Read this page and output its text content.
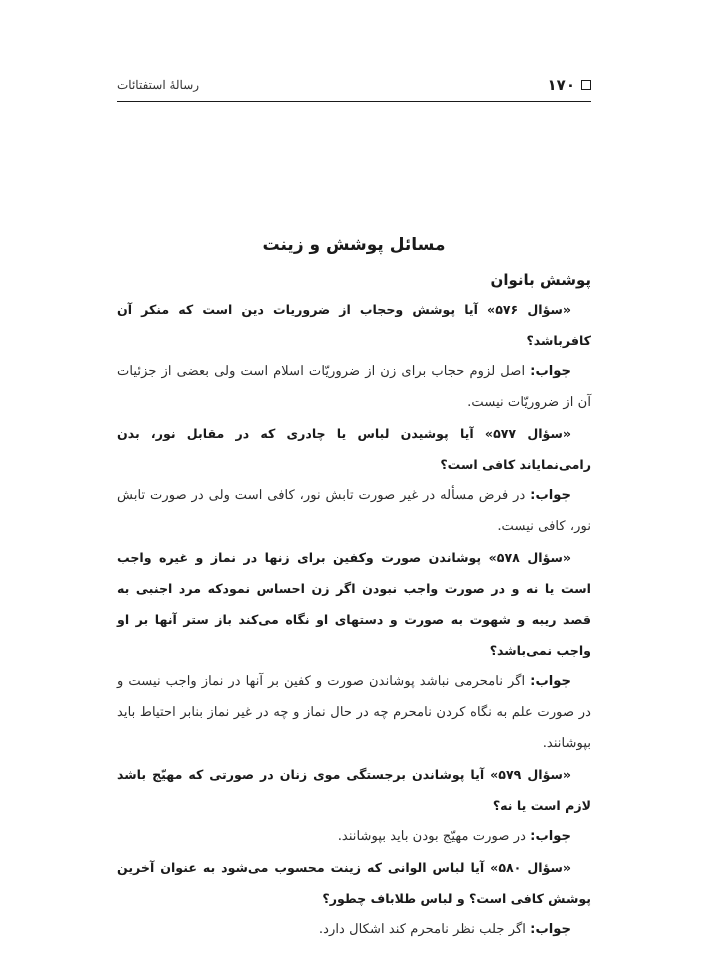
۱۷۰
رسالهٔ استفتائات
مسائل پوشش و زینت
پوشش بانوان

«سؤال ۵۷۶» آیا پوشش وحجاب از ضروریات دین است که منکر آن کافرباشد؟

جواب: اصل لزوم حجاب برای زن از ضروریّات اسلام است ولی بعضی از جزئیات آن از ضروریّات نیست.

«سؤال ۵۷۷» آیا پوشیدن لباس یا چادری که در مقابل نور، بدن رامی‌نمایاند کافی است؟

جواب: در فرض مسأله در غیر صورت تابش نور، کافی است ولی در صورت تابش نور، کافی نیست.

«سؤال ۵۷۸» پوشاندن صورت وکفین برای زنها در نماز و غیره واجب است یا نه و در صورت واجب نبودن اگر زن احساس نمودکه مرد اجنبی به قصد ریبه و شهوت به صورت و دستهای او نگاه می‌کند باز ستر آنها بر او واجب نمی‌باشد؟

جواب: اگر نامحرمی نباشد پوشاندن صورت و کفین بر آنها در نماز واجب نیست و در صورت علم به نگاه کردن نامحرم چه در حال نماز و چه در غیر نماز بنابر احتیاط باید بپوشانند.

«سؤال ۵۷۹» آیا پوشاندن برجستگی موی زنان در صورتی که مهیّج باشد لازم است یا نه؟

جواب: در صورت مهیّج بودن باید بپوشانند.

«سؤال ۵۸۰» آیا لباس الوانی که زینت محسوب می‌شود به عنوان آخرین پوشش کافی است؟ و لباس طلاباف چطور؟

جواب: اگر جلب نظر نامحرم کند اشکال دارد.
